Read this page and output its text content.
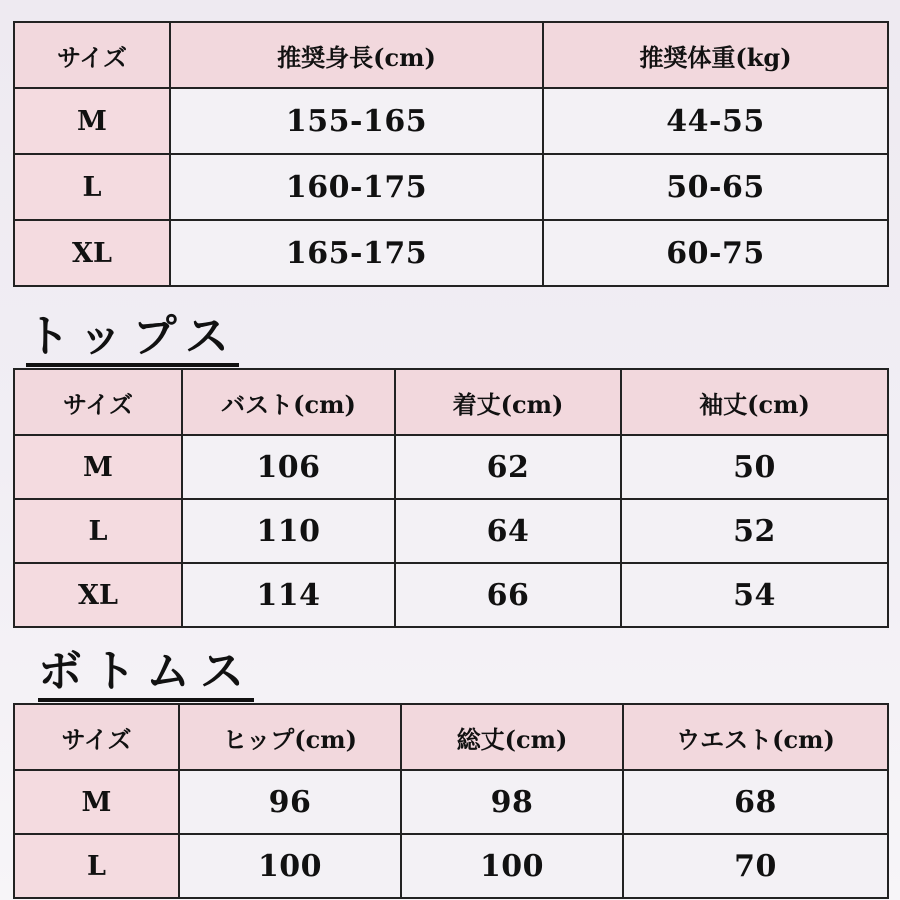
サイズ	推奨身長(cm)	推奨体重(kg)
M	155-165	44-55
L	160-175	50-65
XL	165-175	60-75
トップス
サイズ	バスト(cm)	着丈(cm)	袖丈(cm)
M	106	62	50
L	110	64	52
XL	114	66	54
ボトムス
サイズ	ヒップ(cm)	総丈(cm)	ウエスト(cm)
M	96	98	68
L	100	100	70
